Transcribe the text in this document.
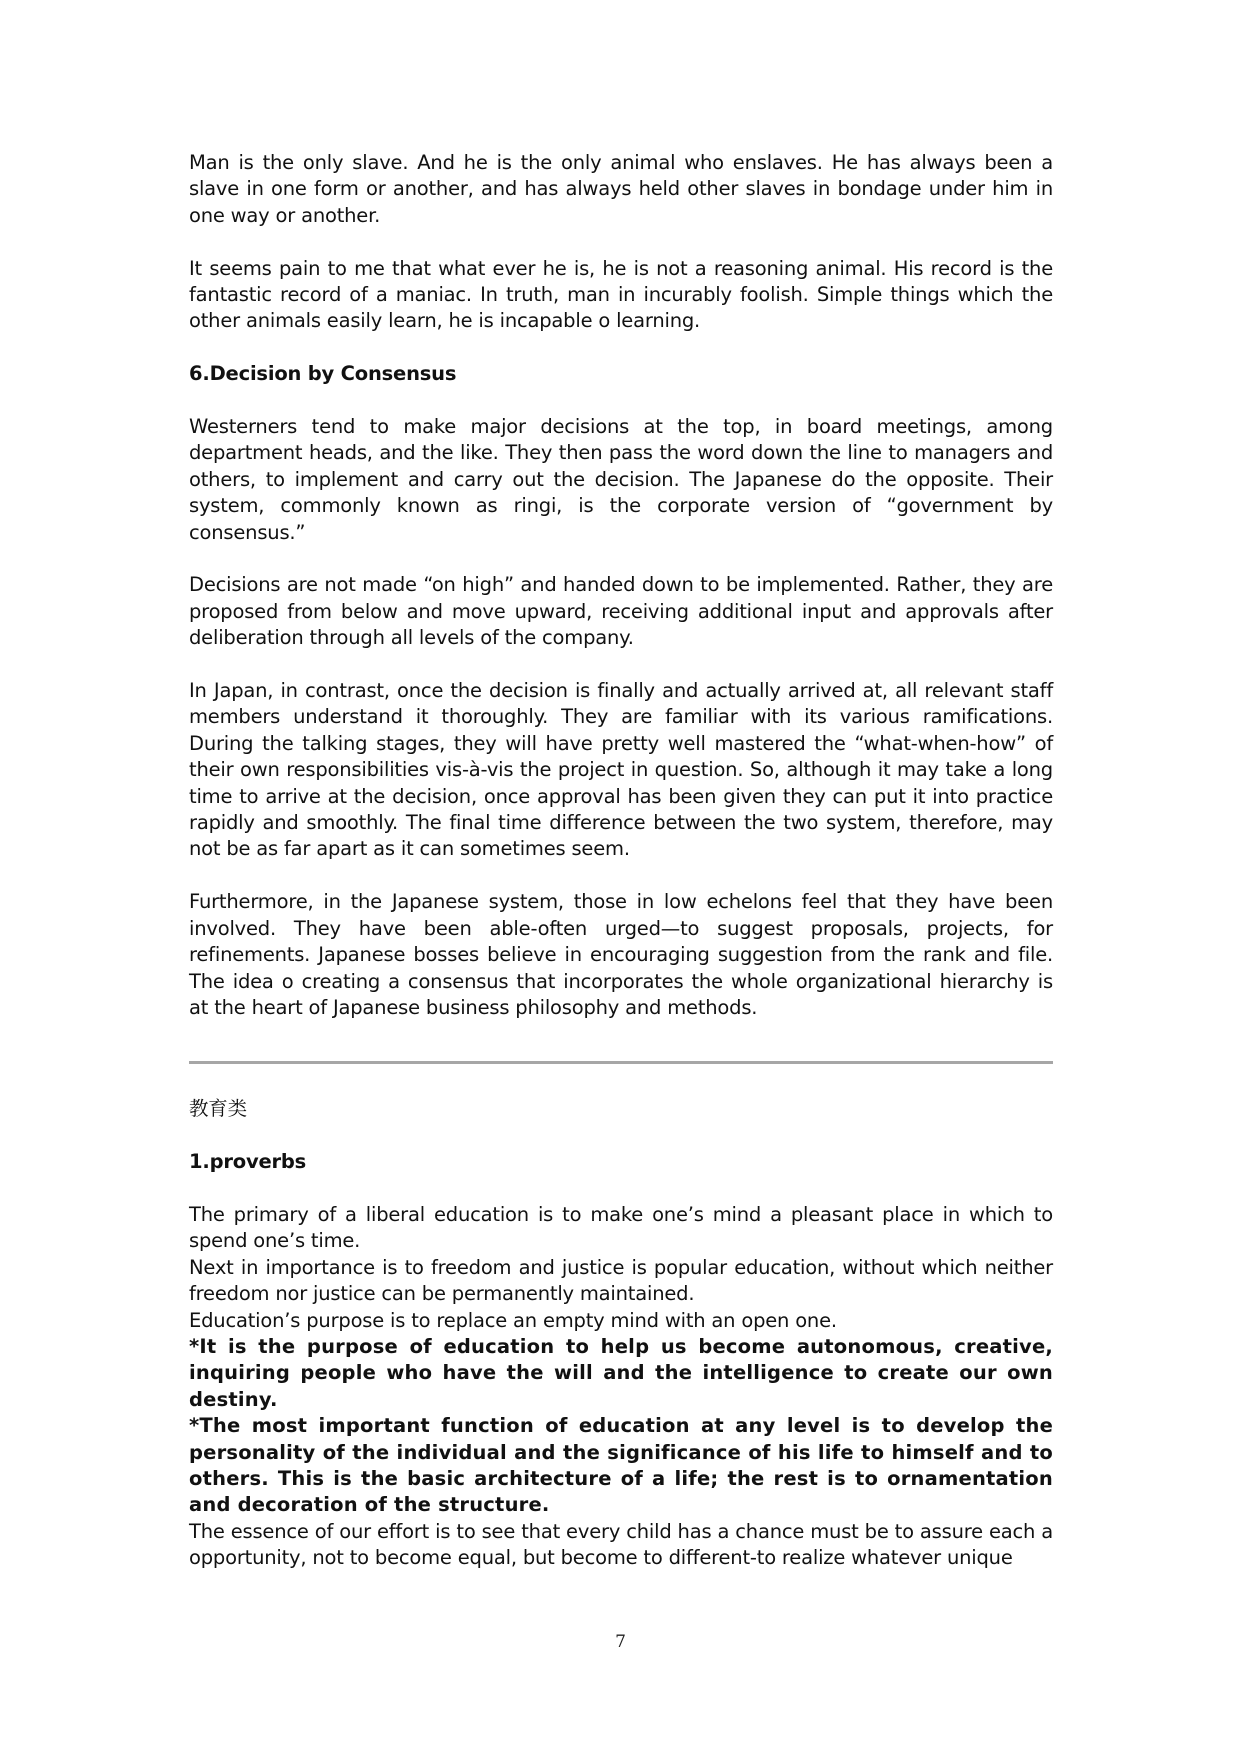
Man is the only slave. And he is the only animal who enslaves. He has always been a slave in one form or another, and has always held other slaves in bondage under him in one way or another.

It seems pain to me that what ever he is, he is not a reasoning animal. His record is the fantastic record of a maniac. In truth, man in incurably foolish. Simple things which the other animals easily learn, he is incapable o learning.

6.Decision by Consensus

Westerners tend to make major decisions at the top, in board meetings, among department heads, and the like. They then pass the word down the line to managers and others, to implement and carry out the decision. The Japanese do the opposite. Their system, commonly known as ringi, is the corporate version of “government by consensus.”

Decisions are not made “on high” and handed down to be implemented. Rather, they are proposed from below and move upward, receiving additional input and approvals after deliberation through all levels of the company.

In Japan, in contrast, once the decision is finally and actually arrived at, all relevant staff members understand it thoroughly. They are familiar with its various ramifications. During the talking stages, they will have pretty well mastered the “what-when-how” of their own responsibilities vis-à-vis the project in question. So, although it may take a long time to arrive at the decision, once approval has been given they can put it into practice rapidly and smoothly. The final time difference between the two system, therefore, may not be as far apart as it can sometimes seem.

Furthermore, in the Japanese system, those in low echelons feel that they have been involved. They have been able-often urged—to suggest proposals, projects, for refinements. Japanese bosses believe in encouraging suggestion from the rank and file. The idea o creating a consensus that incorporates the whole organizational hierarchy is at the heart of Japanese business philosophy and methods.

教育类

1.proverbs

The primary of a liberal education is to make one’s mind a pleasant place in which to spend one’s time.

Next in importance is to freedom and justice is popular education, without which neither freedom nor justice can be permanently maintained.

Education’s purpose is to replace an empty mind with an open one.

*It is the purpose of education to help us become autonomous, creative, inquiring people who have the will and the intelligence to create our own destiny.

*The most important function of education at any level is to develop the personality of the individual and the significance of his life to himself and to others. This is the basic architecture of a life; the rest is to ornamentation and decoration of the structure.

The essence of our effort is to see that every child has a chance must be to assure each a opportunity, not to become equal, but become to different-to realize whatever unique

7
